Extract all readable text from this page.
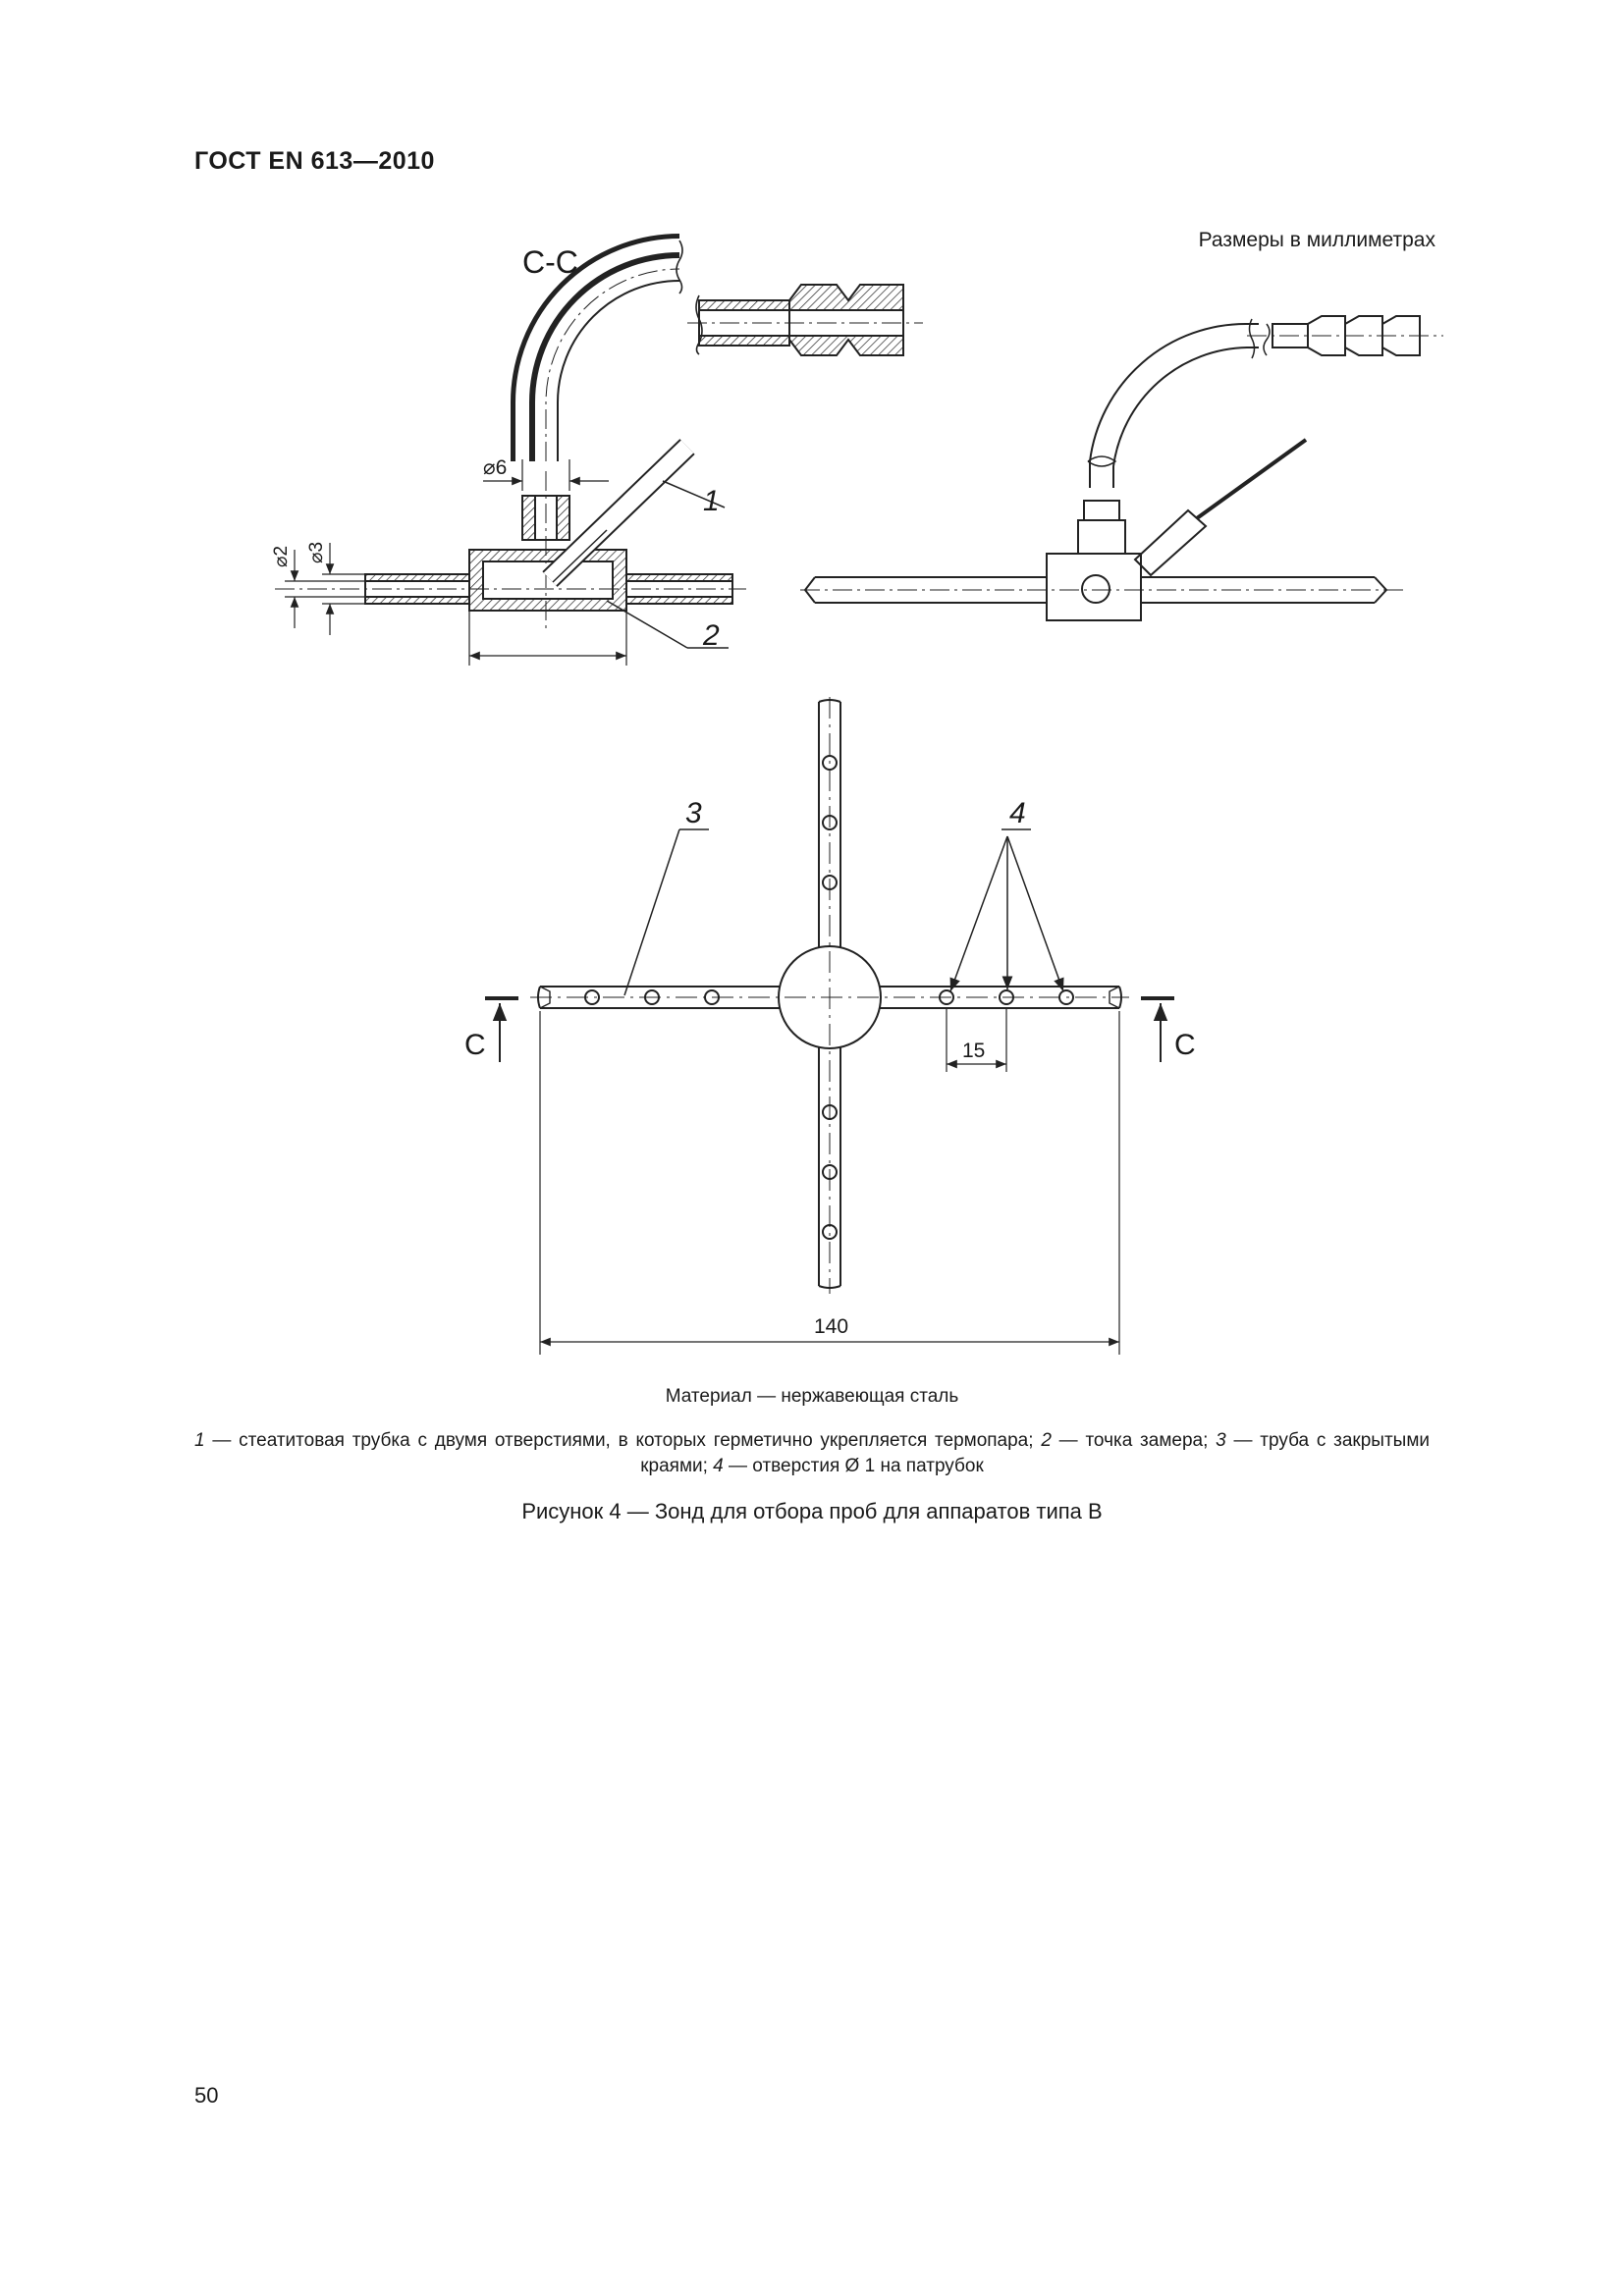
ГОСТ EN 613—2010
Размеры в миллиметрах
С-С
⌀6
⌀2 ⌀3
1
2
3	4
С	С
15
140
Материал — нержавеющая сталь
1 — стеатитовая трубка с двумя отверстиями, в которых герметично укрепляется термопара; 2 — точка замера; 3 — труба с закрытыми краями; 4 — отверстия Ø 1 на патрубок
Рисунок 4 — Зонд для отбора проб для аппаратов типа В
50
